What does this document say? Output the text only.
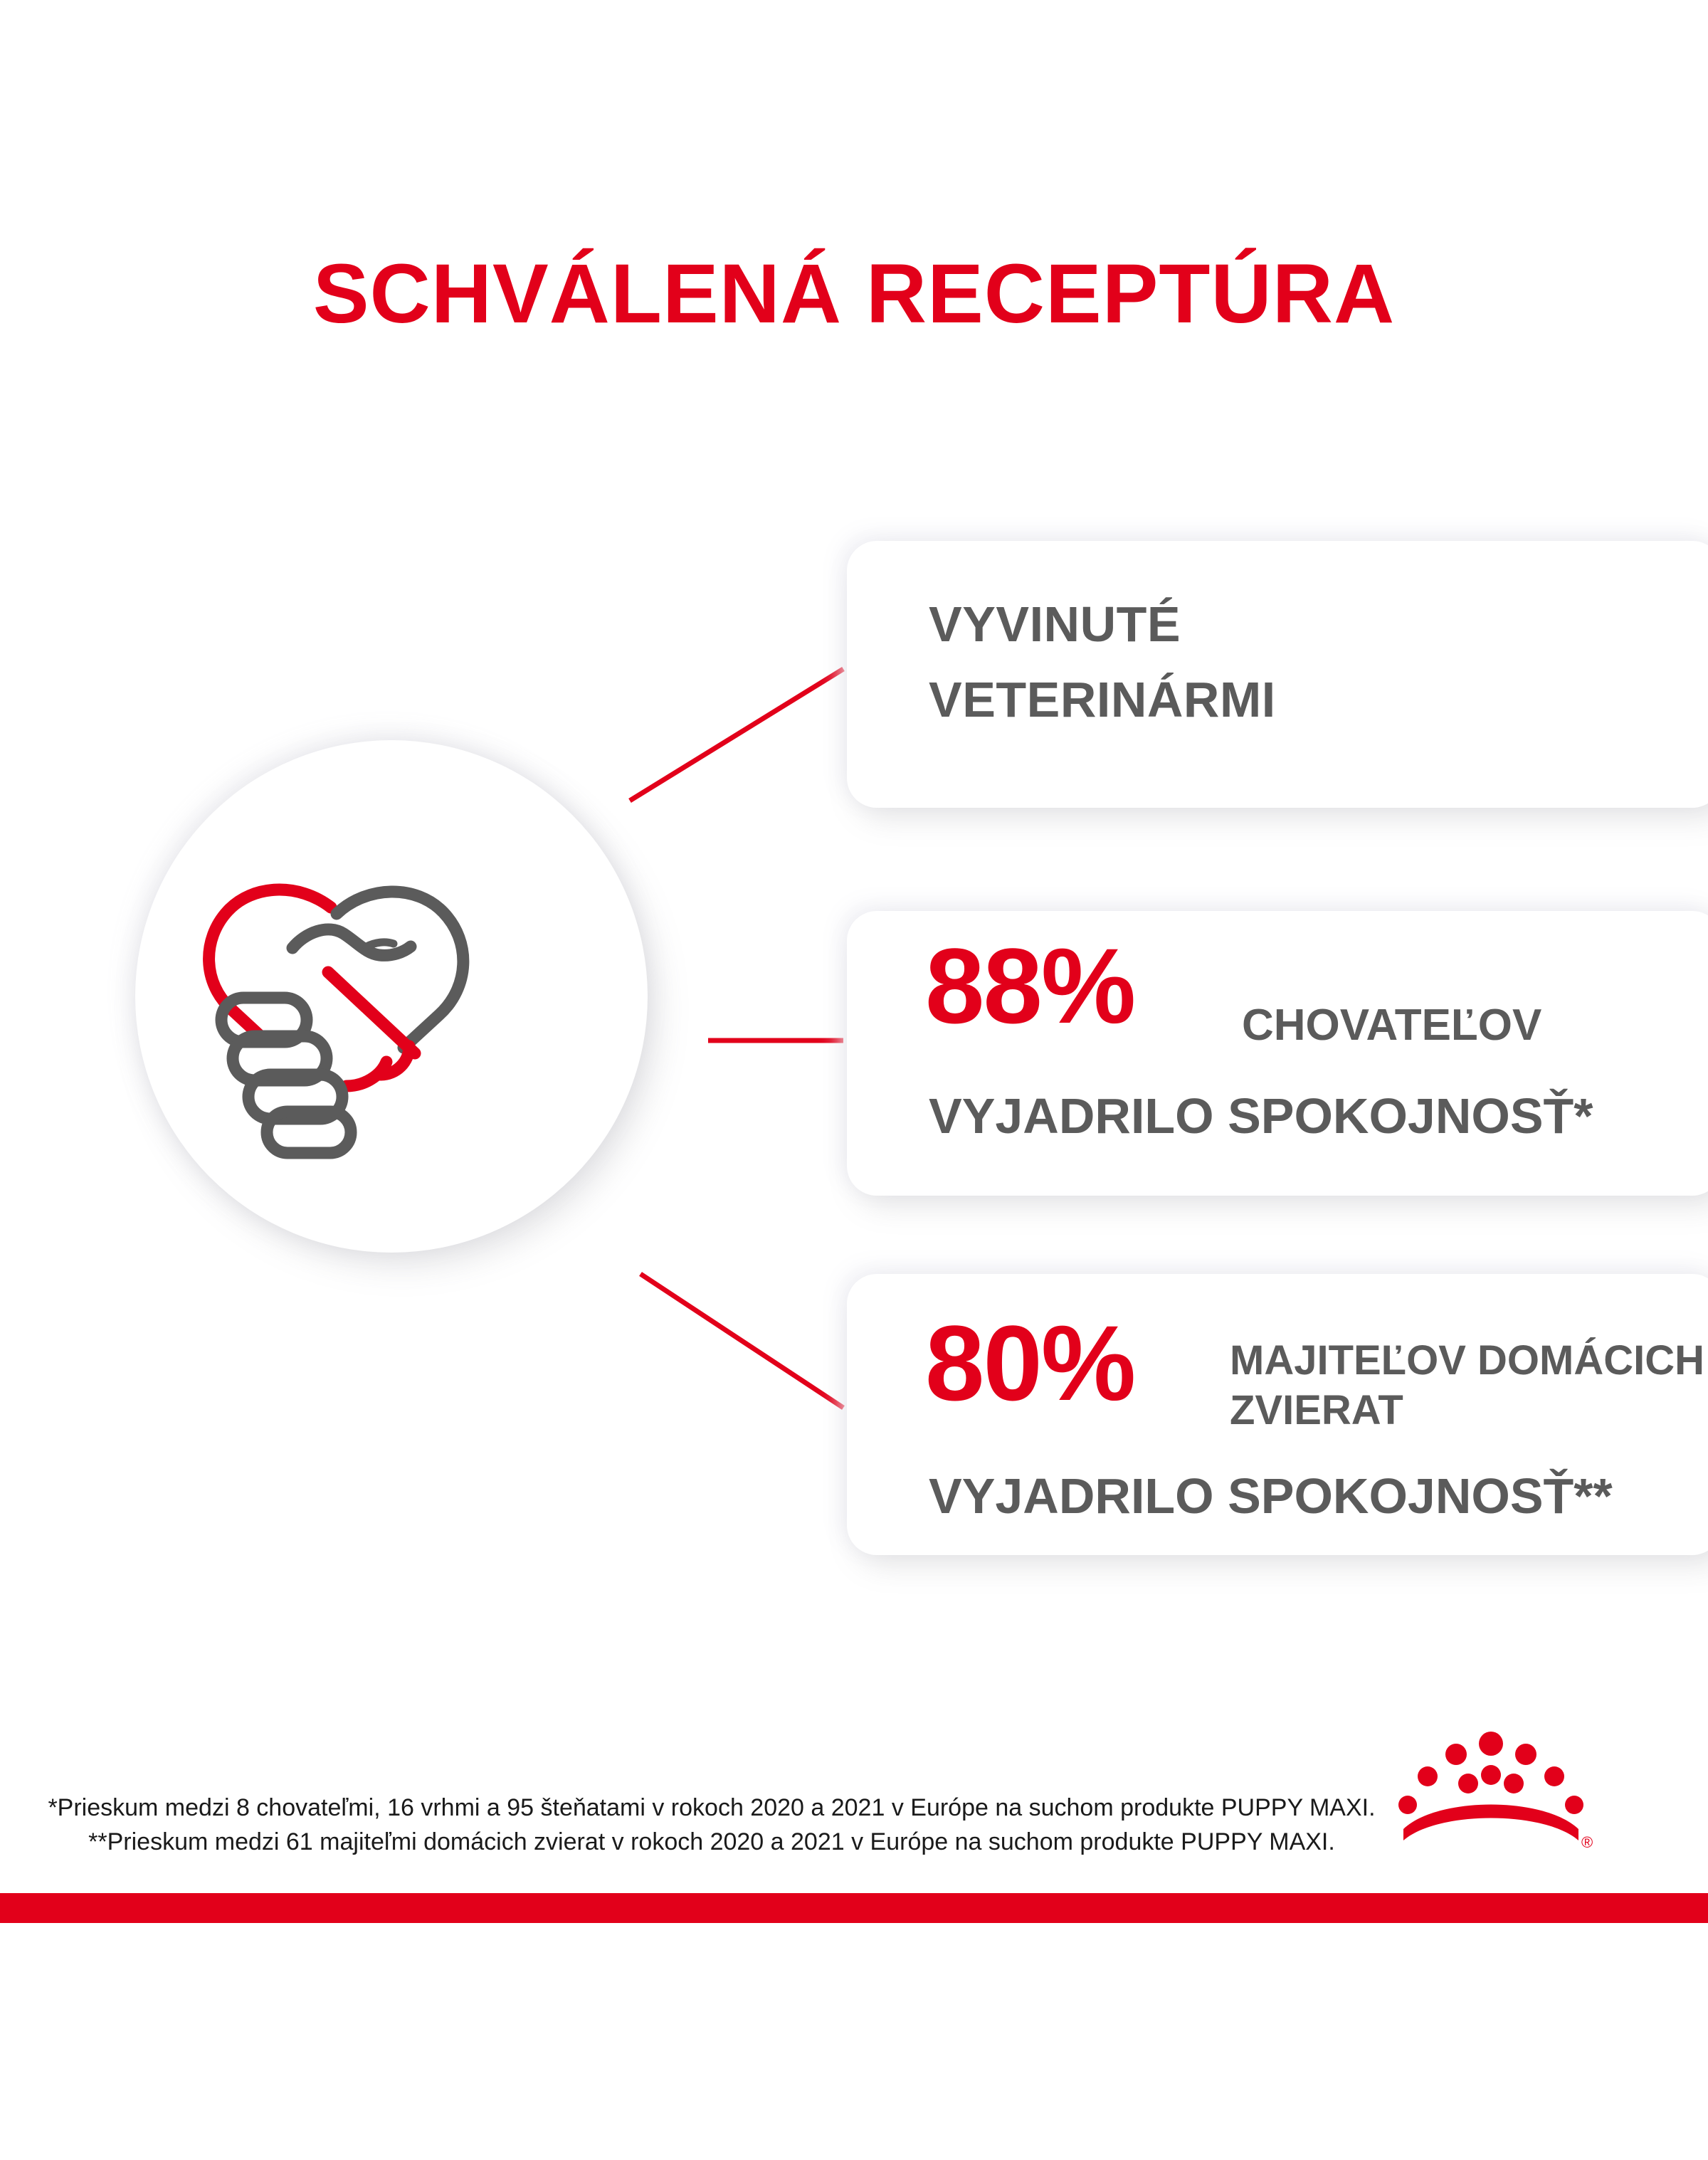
SCHVÁLENÁ RECEPTÚRA
VYVINUTÉ
VETERINÁRMI
88% CHOVATEĽOV
VYJADRILO SPOKOJNOSŤ*
80% MAJITEĽOV DOMÁCICH
ZVIERAT
VYJADRILO SPOKOJNOSŤ**
*Prieskum medzi 8 chovateľmi, 16 vrhmi a 95 šteňatami v rokoch 2020 a 2021 v Európe na suchom produkte PUPPY MAXI.
**Prieskum medzi 61 majiteľmi domácich zvierat v rokoch 2020 a 2021 v Európe na suchom produkte PUPPY MAXI.	®
